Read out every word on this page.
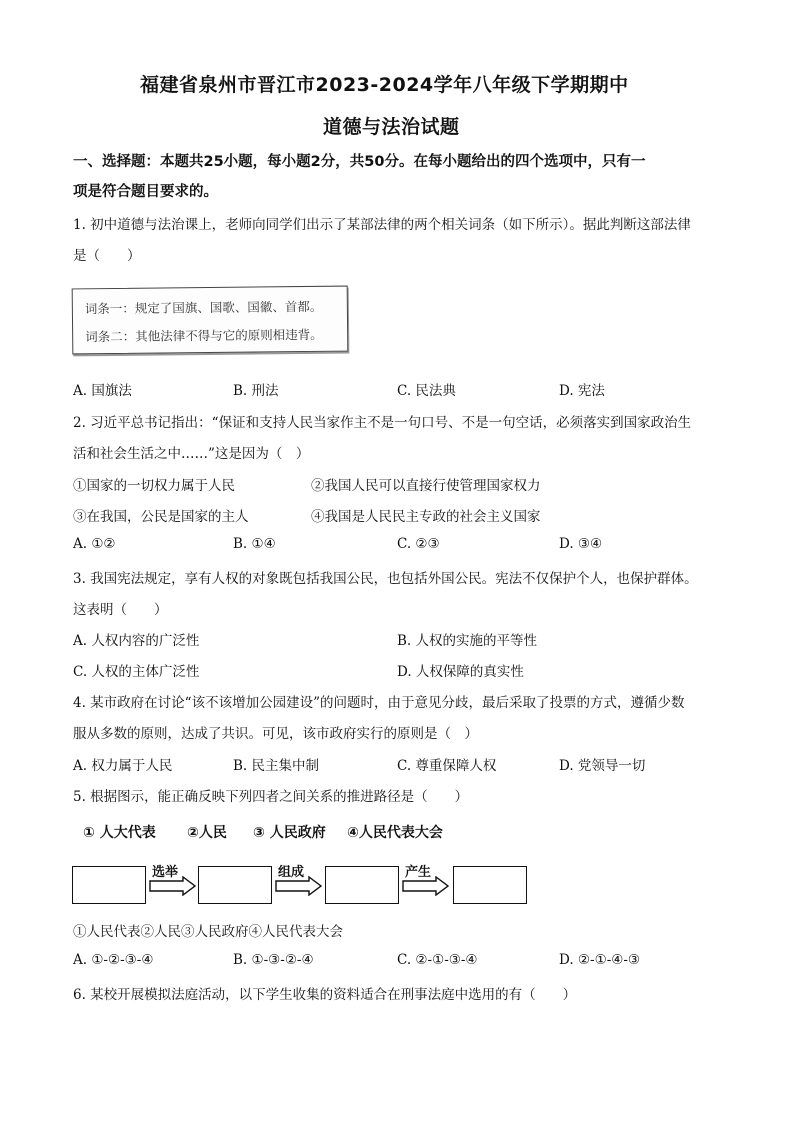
福建省泉州市晋江市2023-2024学年八年级下学期期中
道德与法治试题
一、选择题：本题共25小题，每小题2分，共50分。在每小题给出的四个选项中，只有一
项是符合题目要求的。
1. 初中道德与法治课上，老师向同学们出示了某部法律的两个相关词条（如下所示）。据此判断这部法律
是（　　）
词条一：规定了国旗、国歌、国徽、首都。
词条二：其他法律不得与它的原则相违背。
A. 国旗法	B. 刑法	C. 民法典	D. 宪法
2. 习近平总书记指出：“保证和支持人民当家作主不是一句口号、不是一句空话，必须落实到国家政治生
活和社会生活之中……”这是因为（　）
①国家的一切权力属于人民	②我国人民可以直接行使管理国家权力
③在我国，公民是国家的主人	④我国是人民民主专政的社会主义国家
A. ①②	B. ①④	C. ②③	D. ③④
3. 我国宪法规定，享有人权的对象既包括我国公民，也包括外国公民。宪法不仅保护个人，也保护群体。
这表明（　　）
A. 人权内容的广泛性	B. 人权的实施的平等性
C. 人权的主体广泛性	D. 人权保障的真实性
4. 某市政府在讨论“该不该增加公园建设”的问题时，由于意见分歧，最后采取了投票的方式，遵循少数
服从多数的原则，达成了共识。可见，该市政府实行的原则是（　）
A. 权力属于人民	B. 民主集中制	C. 尊重保障人权	D. 党领导一切
5. 根据图示，能正确反映下列四者之间关系的推进路径是（　　）
① 人大代表 ②人民 ③ 人民政府 ④人民代表大会
选举	组成	产生
①人民代表②人民③人民政府④人民代表大会
A. ①-②-③-④	B. ①-③-②-④	C. ②-①-③-④	D. ②-①-④-③
6. 某校开展模拟法庭活动，以下学生收集的资料适合在刑事法庭中选用的有（　　）
